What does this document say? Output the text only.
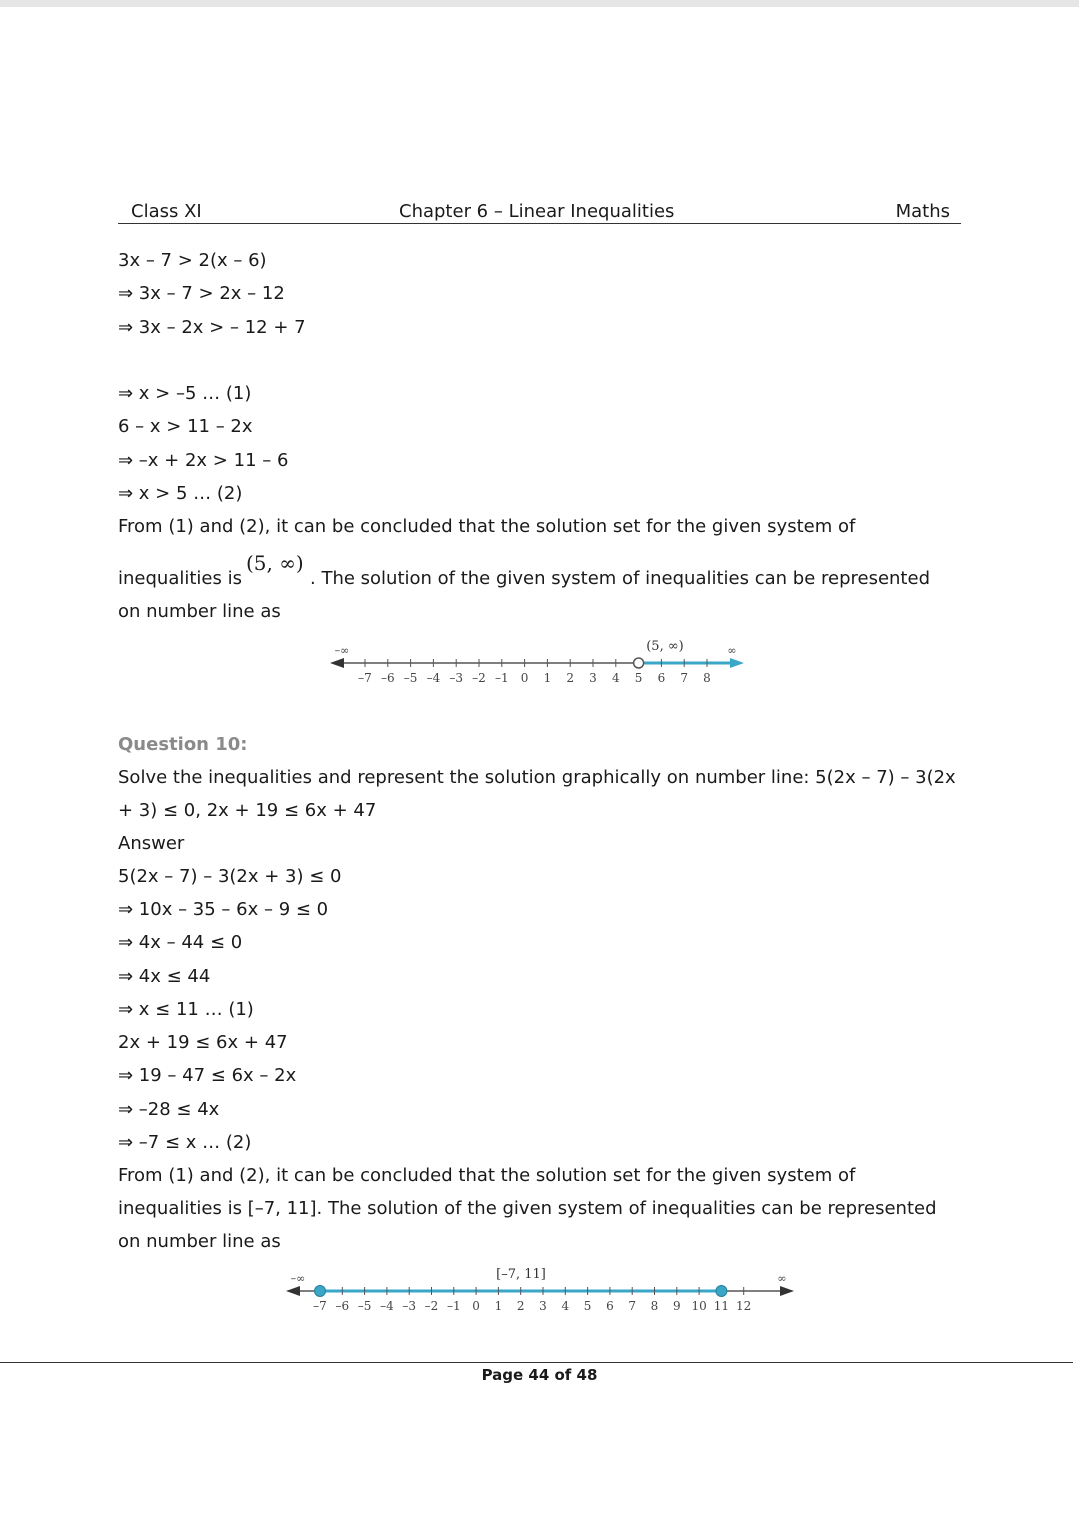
Class XI	Chapter 6 – Linear Inequalities	Maths
3x – 7 > 2(x – 6)
⇒ 3x – 7 > 2x – 12
⇒ 3x – 2x > – 12 + 7
⇒ x > –5 … (1)
6 – x > 11 – 2x
⇒ –x + 2x > 11 – 6
⇒ x > 5 … (2)
From (1) and (2), it can be concluded that the solution set for the given system of
inequalities is
(5, ∞)
. The solution of the given system of inequalities can be represented
on number line as
–7 –6 –5 –4 –3 –2 –1 0 1 2 3 4 5 6 7 8
–∞	∞
(5, ∞)
Question 10:
Solve the inequalities and represent the solution graphically on number line: 5(2x – 7) – 3(2x + 3) ≤ 0, 2x + 19 ≤ 6x + 47
Answer
5(2x – 7) – 3(2x + 3) ≤ 0
⇒ 10x – 35 – 6x – 9 ≤ 0
⇒ 4x – 44 ≤ 0
⇒ 4x ≤ 44
⇒ x ≤ 11 … (1)
2x + 19 ≤ 6x + 47
⇒ 19 – 47 ≤ 6x – 2x
⇒ –28 ≤ 4x
⇒ –7 ≤ x … (2)
From (1) and (2), it can be concluded that the solution set for the given system of inequalities is [–7, 11]. The solution of the given system of inequalities can be represented on number line as
–7 –6 –5 –4 –3 –2 –1 0 1 2 3 4 5 6 7 8 9 10 11 12
–∞	∞
[–7, 11]
Page 44 of 48
